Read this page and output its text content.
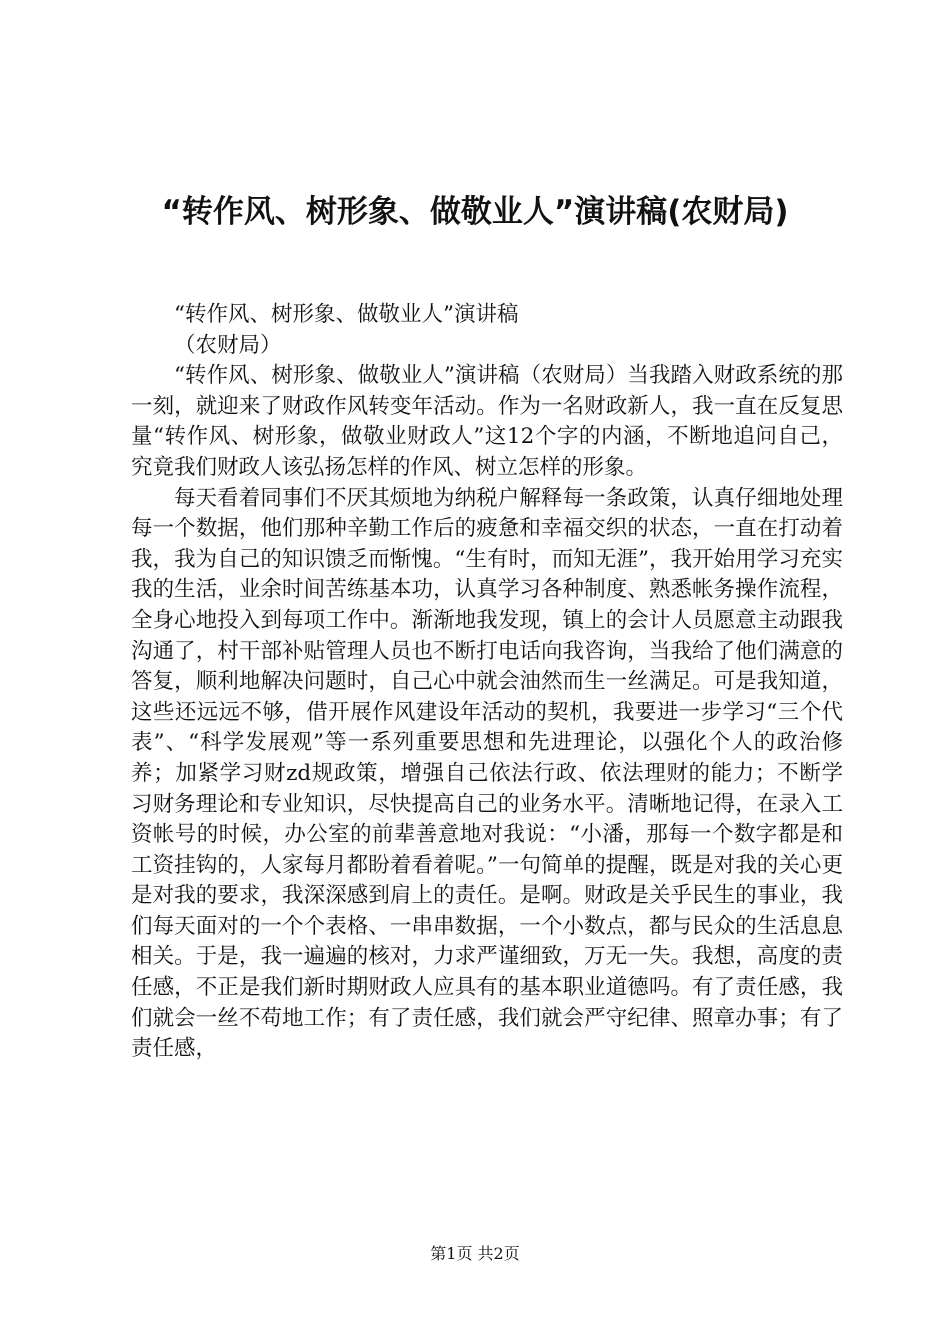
“转作风、树形象、做敬业人”演讲稿(农财局)

“转作风、树形象、做敬业人”演讲稿

（农财局）

“转作风、树形象、做敬业人”演讲稿（农财局）当我踏入财政系统的那一刻，就迎来了财政作风转变年活动。作为一名财政新人，我一直在反复思量“转作风、树形象，做敬业财政人”这12个字的内涵，不断地追问自己，究竟我们财政人该弘扬怎样的作风、树立怎样的形象。

每天看着同事们不厌其烦地为纳税户解释每一条政策，认真仔细地处理每一个数据，他们那种辛勤工作后的疲惫和幸福交织的状态，一直在打动着我，我为自己的知识馈乏而惭愧。“生有时，而知无涯”，我开始用学习充实我的生活，业余时间苦练基本功，认真学习各种制度、熟悉帐务操作流程，全身心地投入到每项工作中。渐渐地我发现，镇上的会计人员愿意主动跟我沟通了，村干部补贴管理人员也不断打电话向我咨询，当我给了他们满意的答复，顺利地解决问题时，自己心中就会油然而生一丝满足。可是我知道，这些还远远不够，借开展作风建设年活动的契机，我要进一步学习“三个代表”、“科学发展观”等一系列重要思想和先进理论，以强化个人的政治修养；加紧学习财zd规政策，增强自己依法行政、依法理财的能力；不断学习财务理论和专业知识，尽快提高自己的业务水平。清晰地记得，在录入工资帐号的时候，办公室的前辈善意地对我说：“小潘，那每一个数字都是和工资挂钩的，人家每月都盼着看着呢。”一句简单的提醒，既是对我的关心更是对我的要求，我深深感到肩上的责任。是啊。财政是关乎民生的事业，我们每天面对的一个个表格、一串串数据，一个小数点，都与民众的生活息息相关。于是，我一遍遍的核对，力求严谨细致，万无一失。我想，高度的责任感，不正是我们新时期财政人应具有的基本职业道德吗。有了责任感，我们就会一丝不苟地工作；有了责任感，我们就会严守纪律、照章办事；有了责任感，

第1页 共2页
